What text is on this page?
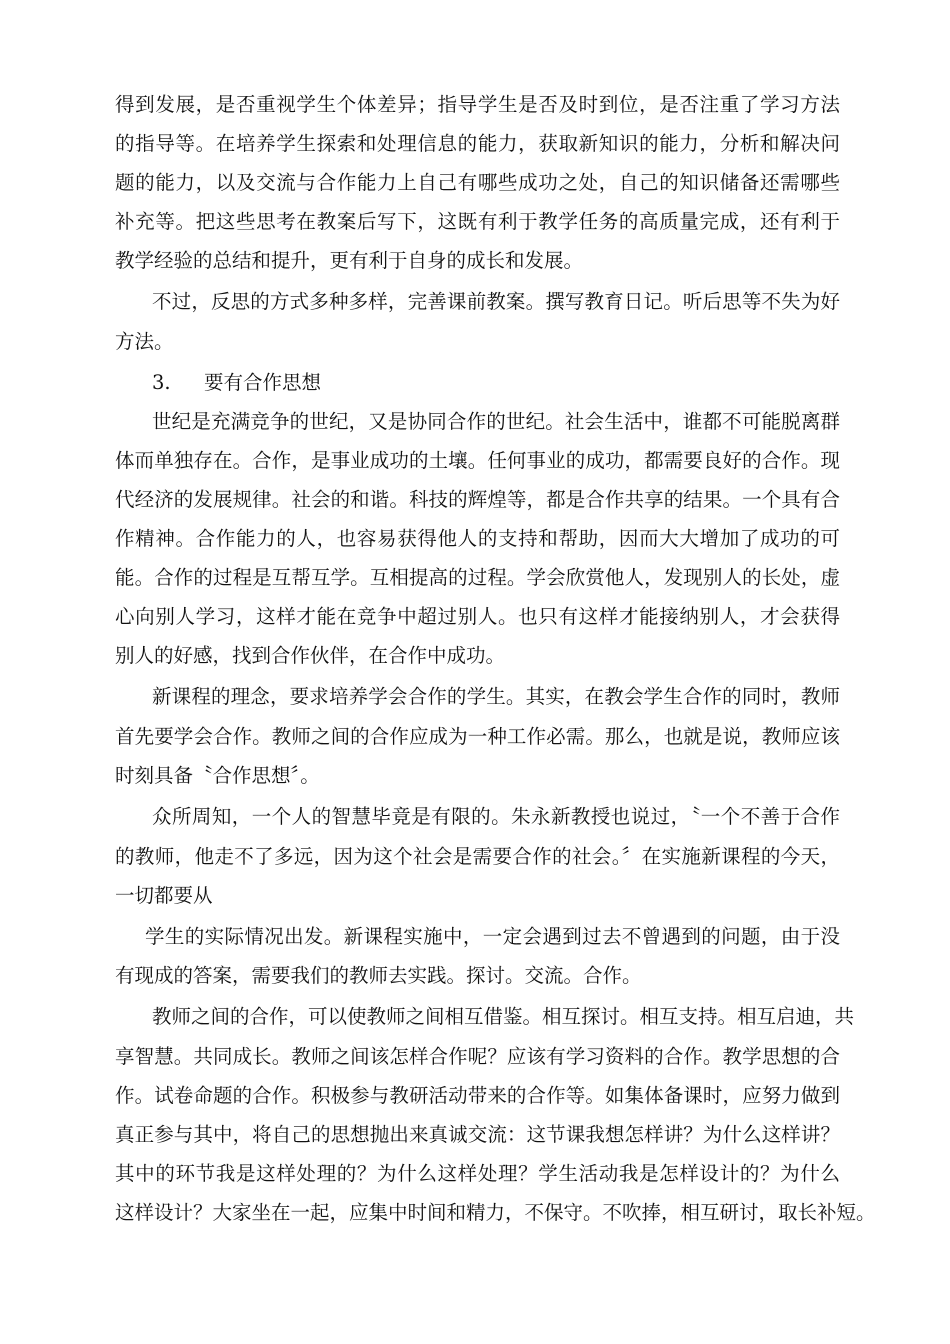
得到发展，是否重视学生个体差异；指导学生是否及时到位，是否注重了学习方法
的指导等。在培养学生探索和处理信息的能力，获取新知识的能力，分析和解决问
题的能力，以及交流与合作能力上自己有哪些成功之处，自己的知识储备还需哪些
补充等。把这些思考在教案后写下，这既有利于教学任务的高质量完成，还有利于
教学经验的总结和提升，更有利于自身的成长和发展。
不过，反思的方式多种多样，完善课前教案。撰写教育日记。听后思等不失为好
方法。
3. 要有合作思想
世纪是充满竞争的世纪，又是协同合作的世纪。社会生活中，谁都不可能脱离群
体而单独存在。合作，是事业成功的土壤。任何事业的成功，都需要良好的合作。现
代经济的发展规律。社会的和谐。科技的辉煌等，都是合作共享的结果。一个具有合
作精神。合作能力的人，也容易获得他人的支持和帮助，因而大大增加了成功的可
能。合作的过程是互帮互学。互相提高的过程。学会欣赏他人，发现别人的长处，虚
心向别人学习，这样才能在竞争中超过别人。也只有这样才能接纳别人，才会获得
别人的好感，找到合作伙伴，在合作中成功。
新课程的理念，要求培养学会合作的学生。其实，在教会学生合作的同时，教师
首先要学会合作。教师之间的合作应成为一种工作必需。那么，也就是说，教师应该
时刻具备〝合作思想〞。
众所周知，一个人的智慧毕竟是有限的。朱永新教授也说过，〝一个不善于合作
的教师，他走不了多远，因为这个社会是需要合作的社会。〞在实施新课程的今天，
一切都要从
学生的实际情况出发。新课程实施中，一定会遇到过去不曾遇到的问题，由于没
有现成的答案，需要我们的教师去实践。探讨。交流。合作。
教师之间的合作，可以使教师之间相互借鉴。相互探讨。相互支持。相互启迪，共
享智慧。共同成长。教师之间该怎样合作呢？应该有学习资料的合作。教学思想的合
作。试卷命题的合作。积极参与教研活动带来的合作等。如集体备课时，应努力做到
真正参与其中，将自己的思想抛出来真诚交流：这节课我想怎样讲？为什么这样讲？
其中的环节我是这样处理的？为什么这样处理？学生活动我是怎样设计的？为什么
这样设计？大家坐在一起，应集中时间和精力，不保守。不吹捧，相互研讨，取长补短。
